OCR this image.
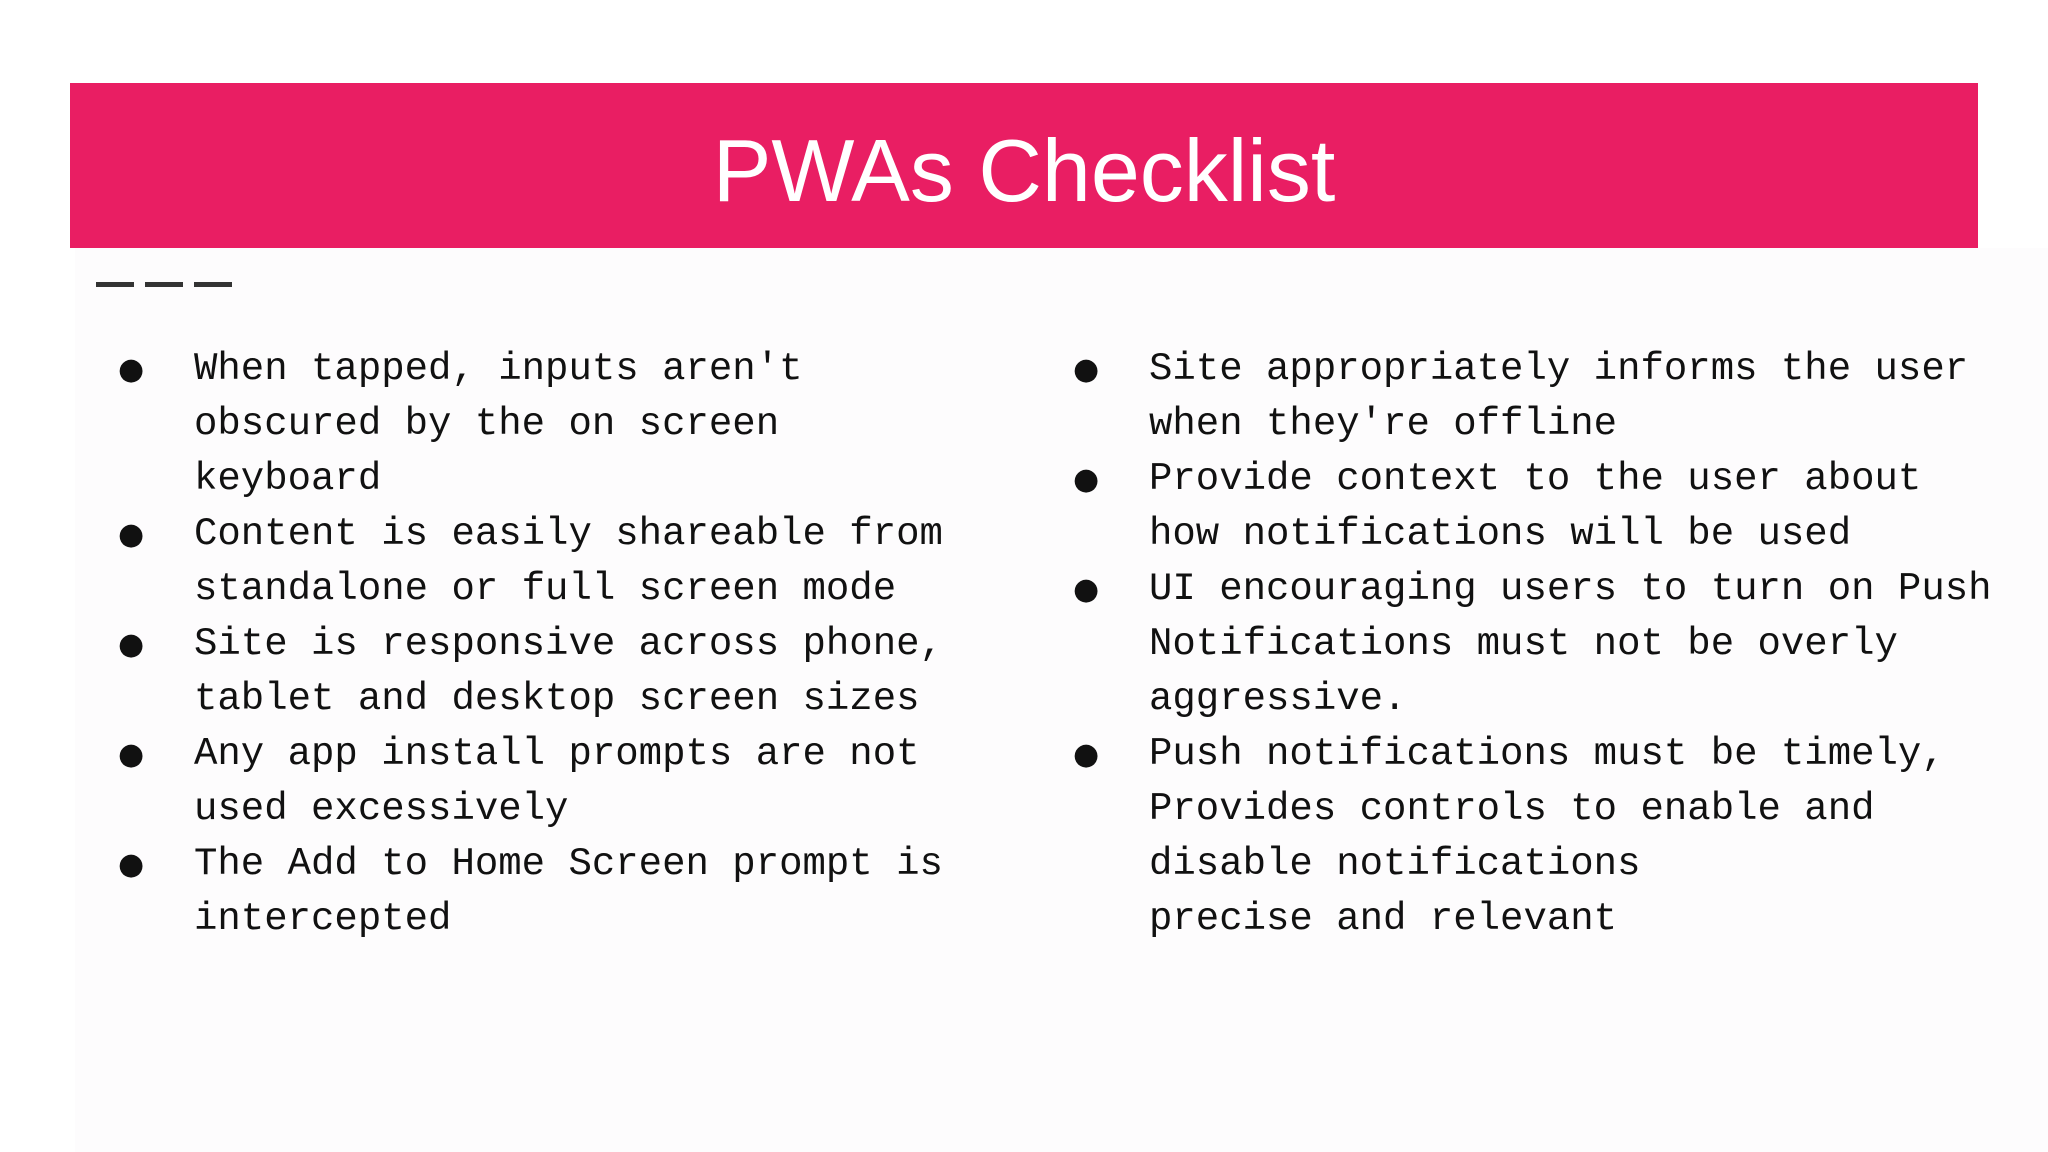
PWAs Checklist
●	When tapped, inputs aren't
obscured by the on screen
keyboard
●	Content is easily shareable from
standalone or full screen mode
●	Site is responsive across phone,
tablet and desktop screen sizes
●	Any app install prompts are not
used excessively
●	The Add to Home Screen prompt is
intercepted
●	Site appropriately informs the user
when they're offline
●	Provide context to the user about
how notifications will be used
●	UI encouraging users to turn on Push
Notifications must not be overly
aggressive.
●	Push notifications must be timely,
Provides controls to enable and
disable notifications
precise and relevant
